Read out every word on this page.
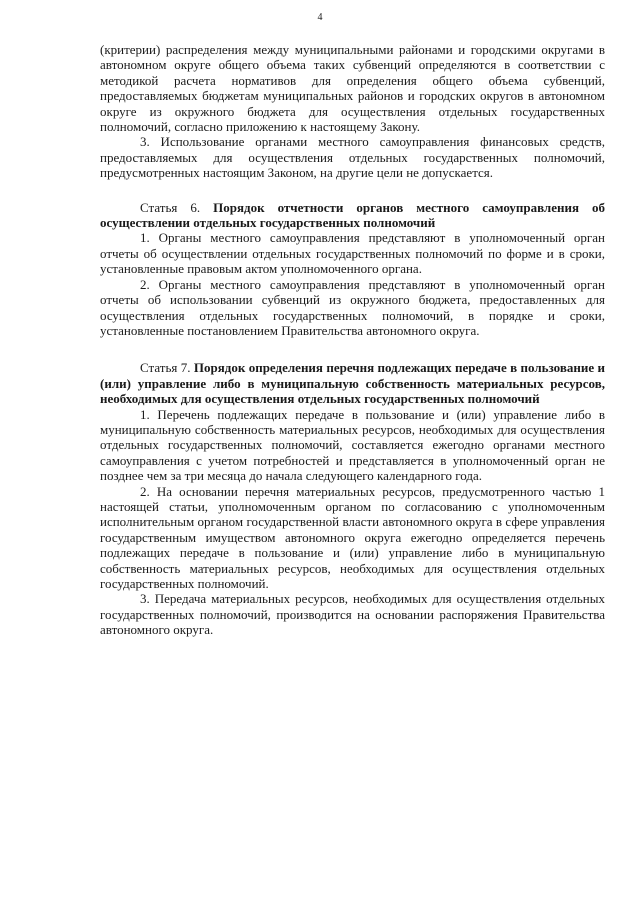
4

(критерии) распределения между муниципальными районами и городскими округами в автономном округе общего объема таких субвенций определяются в соответствии с методикой расчета нормативов для определения общего объема субвенций, предоставляемых бюджетам муниципальных районов и городских округов в автономном округе из окружного бюджета для осуществления отдельных государственных полномочий, согласно приложению к настоящему Закону.

3. Использование органами местного самоуправления финансовых средств, предоставляемых для осуществления отдельных государственных полномочий, предусмотренных настоящим Законом, на другие цели не допускается.

Статья 6. Порядок отчетности органов местного самоуправления об осуществлении отдельных государственных полномочий

1. Органы местного самоуправления представляют в уполномоченный орган отчеты об осуществлении отдельных государственных полномочий по форме и в сроки, установленные правовым актом уполномоченного органа.

2. Органы местного самоуправления представляют в уполномоченный орган отчеты об использовании субвенций из окружного бюджета, предоставленных для осуществления отдельных государственных полномочий, в порядке и сроки, установленные постановлением Правительства автономного округа.

Статья 7. Порядок определения перечня подлежащих передаче в пользование и (или) управление либо в муниципальную собственность материальных ресурсов, необходимых для осуществления отдельных государственных полномочий

1. Перечень подлежащих передаче в пользование и (или) управление либо в муниципальную собственность материальных ресурсов, необходимых для осуществления отдельных государственных полномочий, составляется ежегодно органами местного самоуправления с учетом потребностей и представляется в уполномоченный орган не позднее чем за три месяца до начала следующего календарного года.

2. На основании перечня материальных ресурсов, предусмотренного частью 1 настоящей статьи, уполномоченным органом по согласованию с уполномоченным исполнительным органом государственной власти автономного округа в сфере управления государственным имуществом автономного округа ежегодно определяется перечень подлежащих передаче в пользование и (или) управление либо в муниципальную собственность материальных ресурсов, необходимых для осуществления отдельных государственных полномочий.

3. Передача материальных ресурсов, необходимых для осуществления отдельных государственных полномочий, производится на основании распоряжения Правительства автономного округа.
